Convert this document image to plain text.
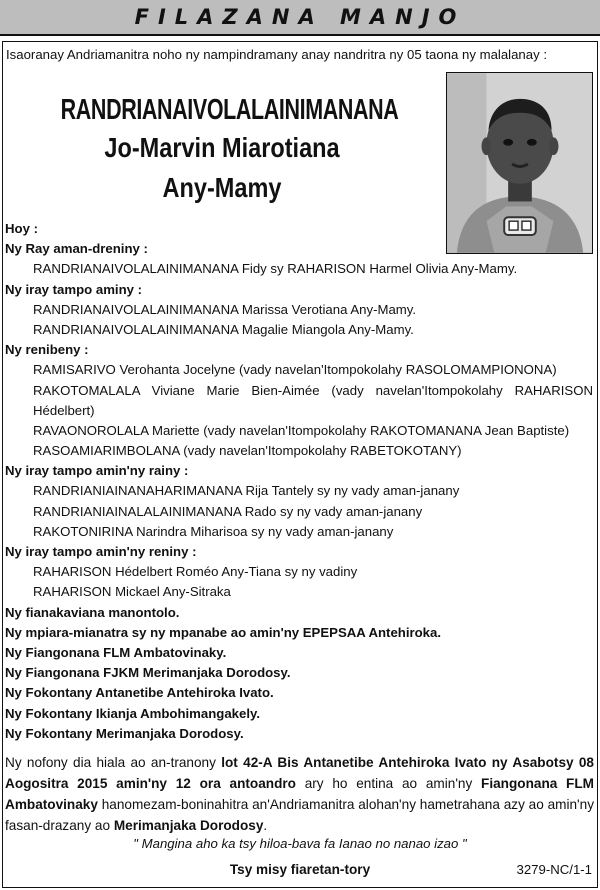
FILAZANA MANJO
Isaoranay Andriamanitra noho ny nampindramany anay nandritra ny 05 taona ny malalanay :
RANDRIANAIVOLALAINIMANANA
Jo-Marvin Miarotiana
Any-Mamy
Hoy :
Ny Ray aman-dreniny :
RANDRIANAIVOLALAINIMANANA Fidy sy RAHARISON Harmel Olivia Any-Mamy.
Ny iray tampo aminy :
RANDRIANAIVOLALAINIMANANA Marissa Verotiana Any-Mamy.
RANDRIANAIVOLALAINIMANANA Magalie Miangola Any-Mamy.
Ny renibeny :
RAMISARIVO Verohanta Jocelyne (vady navelan'Itompokolahy RASOLOMAMPIONONA)
RAKOTOMALALA Viviane Marie Bien-Aimée (vady navelan'Itompokolahy RAHARISON
Hédelbert)
RAVAONOROLALA Mariette (vady navelan'Itompokolahy RAKOTOMANANA Jean Baptiste)
RASOAMIARIMBOLANA (vady navelan'Itompokolahy RABETOKOTANY)
Ny iray tampo amin'ny rainy :
RANDRIANIAINANAHARIMANANA Rija Tantely sy ny vady aman-janany
RANDRIANIAINALALAINIMANANA Rado sy ny vady aman-janany
RAKOTONIRINA Narindra Miharisoa sy ny vady aman-janany
Ny iray tampo amin'ny reniny :
RAHARISON Hédelbert Roméo Any-Tiana sy ny vadiny
RAHARISON Mickael Any-Sitraka
Ny fianakaviana manontolo.
Ny mpiara-mianatra sy ny mpanabe ao amin'ny EPEPSAA Antehiroka.
Ny Fiangonana FLM Ambatovinaky.
Ny Fiangonana FJKM Merimanjaka Dorodosy.
Ny Fokontany Antanetibe Antehiroka Ivato.
Ny Fokontany Ikianja Ambohimangakely.
Ny Fokontany Merimanjaka Dorodosy.
Ny nofony dia hiala ao an-tranony lot 42-A Bis Antanetibe Antehiroka Ivato ny Asabotsy 08 Aogositra 2015 amin'ny 12 ora antoandro ary ho entina ao amin'ny Fiangonana FLM Ambatovinaky hanomezam-boninahitra an'Andriamanitra alohan'ny hametrahana azy ao amin'ny fasan-drazany ao Merimanjaka Dorodosy.
" Mangina aho ka tsy hiloa-bava fa Ianao no nanao izao "
Tsy misy fiaretan-tory	3279-NC/1-1
